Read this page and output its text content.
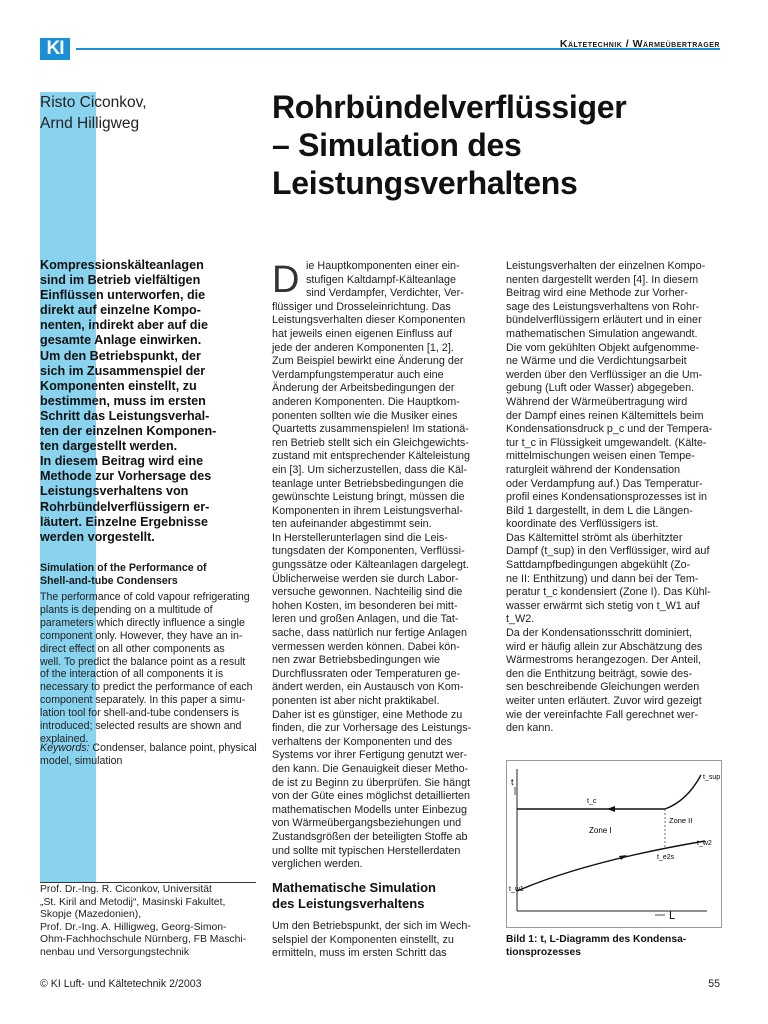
KI	Kältetechnik / Wärmeübertrager
Risto Ciconkov,
Arnd Hilligweg	Rohrbündelverflüssiger
– Simulation des
Leistungsverhaltens
Kompressionskälteanlagen
sind im Betrieb vielfältigen
Einflüssen unterworfen, die
direkt auf einzelne Kompo-
nenten, indirekt aber auf die
gesamte Anlage einwirken.
Um den Betriebspunkt, der
sich im Zusammenspiel der
Komponenten einstellt, zu
bestimmen, muss im ersten
Schritt das Leistungsverhal-
ten der einzelnen Komponen-
ten dargestellt werden.
In diesem Beitrag wird eine
Methode zur Vorhersage des
Leistungsverhaltens von
Rohrbündelverflüssigern er-
läutert. Einzelne Ergebnisse
werden vorgestellt.
Simulation of the Performance of
Shell-and-tube Condensers
The performance of cold vapour refrigerating
plants is depending on a multitude of
parameters which directly influence a single
component only. However, they have an in-
direct effect on all other components as
well. To predict the balance point as a result
of the interaction of all components it is
necessary to predict the performance of each
component separately. In this paper a simu-
lation tool for shell-and-tube condensers is
introduced; selected results are shown and
explained.
Keywords: Condenser, balance point, physical
model, simulation
Prof. Dr.-Ing. R. Ciconkov, Universität
„St. Kiril and Metodij“, Masinski Fakultet,
Skopje (Mazedonien),
Prof. Dr.-Ing. A. Hilligweg, Georg-Simon-
Ohm-Fachhochschule Nürnberg, FB Maschi-
nenbau und Versorgungstechnik
D ie Hauptkomponenten einer ein-
stufigen Kaltdampf-Kälteanlage
sind Verdampfer, Verdichter, Ver-
flüssiger und Drosseleinrichtung. Das
Leistungsverhalten dieser Komponenten
hat jeweils einen eigenen Einfluss auf
jede der anderen Komponenten [1, 2].
Zum Beispiel bewirkt eine Änderung der
Verdampfungstemperatur auch eine
Änderung der Arbeitsbedingungen der
anderen Komponenten. Die Hauptkom-
ponenten sollten wie die Musiker eines
Quartetts zusammenspielen! Im stationä-
ren Betrieb stellt sich ein Gleichgewichts-
zustand mit entsprechender Kälteleistung
ein [3]. Um sicherzustellen, dass die Käl-
teanlage unter Betriebsbedingungen die
gewünschte Leistung bringt, müssen die
Komponenten in ihrem Leistungsverhal-
ten aufeinander abgestimmt sein.
In Herstellerunterlagen sind die Leis-
tungsdaten der Komponenten, Verflüssi-
gungssätze oder Kälteanlagen dargelegt.
Üblicherweise werden sie durch Labor-
versuche gewonnen. Nachteilig sind die
hohen Kosten, im besonderen bei mitt-
leren und großen Anlagen, und die Tat-
sache, dass natürlich nur fertige Anlagen
vermessen werden können. Dabei kön-
nen zwar Betriebsbedingungen wie
Durchflussraten oder Temperaturen ge-
ändert werden, ein Austausch von Kom-
ponenten ist aber nicht praktikabel.
Daher ist es günstiger, eine Methode zu
finden, die zur Vorhersage des Leistungs-
verhaltens der Komponenten und des
Systems vor ihrer Fertigung genutzt wer-
den kann. Die Genauigkeit dieser Metho-
de ist zu Beginn zu überprüfen. Sie hängt
von der Güte eines möglichst detaillierten
mathematischen Modells unter Einbezug
von Wärmeübergangsbeziehungen und
Zustandsgrößen der beteiligten Stoffe ab
und sollte mit typischen Herstellerdaten
verglichen werden.
Mathematische Simulation
des Leistungsverhaltens
Um den Betriebspunkt, der sich im Wech-
selspiel der Komponenten einstellt, zu
ermitteln, muss im ersten Schritt das
Leistungsverhalten der einzelnen Kompo-
nenten dargestellt werden [4]. In diesem
Beitrag wird eine Methode zur Vorher-
sage des Leistungsverhaltens von Rohr-
bündelverflüssigern erläutert und in einer
mathematischen Simulation angewandt.
Die vom gekühlten Objekt aufgenomme-
ne Wärme und die Verdichtungsarbeit
werden über den Verflüssiger an die Um-
gebung (Luft oder Wasser) abgegeben.
Während der Wärmeübertragung wird
der Dampf eines reinen Kältemittels beim
Kondensationsdruck p_c und der Tempera-
tur t_c in Flüssigkeit umgewandelt. (Kälte-
mittelmischungen weisen einen Tempe-
raturgleit während der Kondensation
oder Verdampfung auf.) Das Temperatur-
profil eines Kondensationsprozesses ist in
Bild 1 dargestellt, in dem L die Längen-
koordinate des Verflüssigers ist.
Das Kältemittel strömt als überhitzter
Dampf (t_sup) in den Verflüssiger, wird auf
Sattdampfbedingungen abgekühlt (Zo-
ne II: Enthitzung) und dann bei der Tem-
peratur t_c kondensiert (Zone I). Das Kühl-
wasser erwärmt sich stetig von t_W1 auf
t_W2.
Da der Kondensationsschritt dominiert,
wird er häufig allein zur Abschätzung des
Wärmestroms herangezogen. Der Anteil,
den die Enthitzung beiträgt, sowie des-
sen beschreibende Gleichungen werden
weiter unten erläutert. Zuvor wird gezeigt
wie der vereinfachte Fall gerechnet wer-
den kann.
t
L
t_sup
t_c
Zone I
Zone II
t_w2
t_e2s
t_w1
Bild 1: t, L-Diagramm des Kondensa-
tionsprozesses
© KI Luft- und Kältetechnik 2/2003	55
